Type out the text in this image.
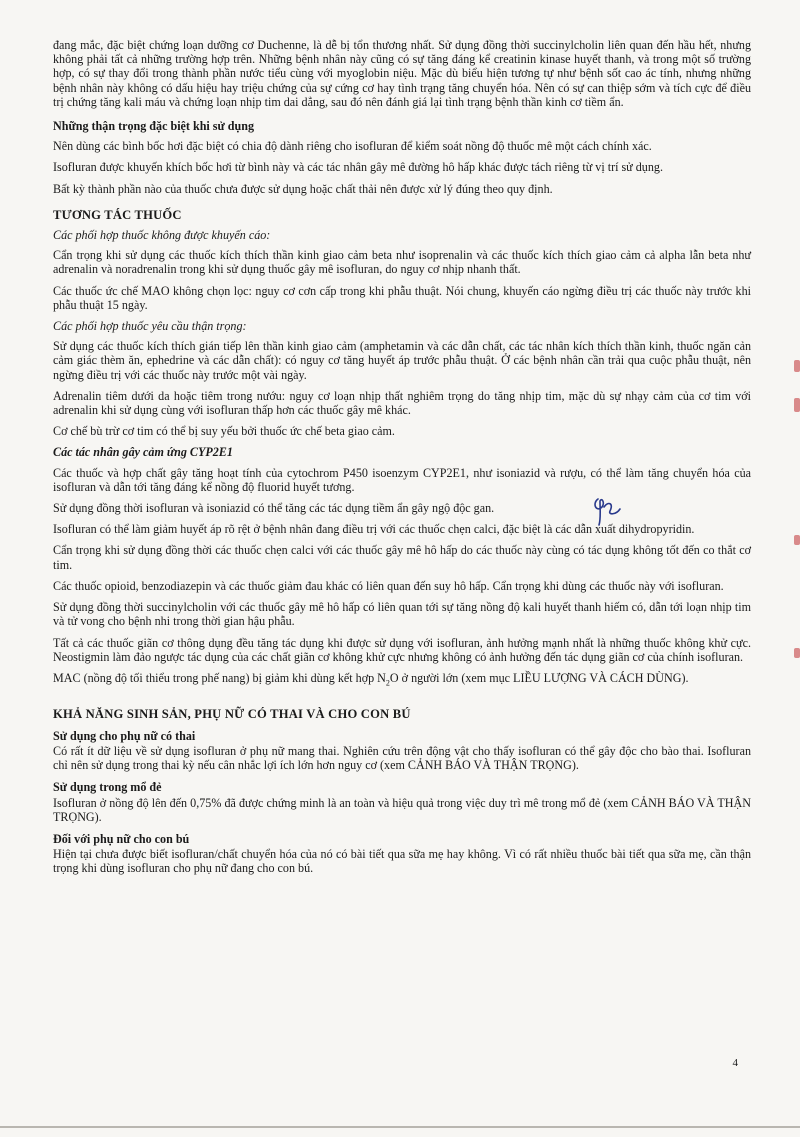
đang mắc, đặc biệt chứng loạn dưỡng cơ Duchenne, là dễ bị tổn thương nhất. Sử dụng đồng thời succinylcholin liên quan đến hầu hết, nhưng không phải tất cả những trường hợp trên. Những bệnh nhân này cũng có sự tăng đáng kể creatinin kinase huyết thanh, và trong một số trường hợp, có sự thay đổi trong thành phần nước tiểu cùng với myoglobin niệu. Mặc dù biểu hiện tương tự như bệnh sốt cao ác tính, nhưng những bệnh nhân này không có dấu hiệu hay triệu chứng của sự cứng cơ hay tình trạng tăng chuyển hóa. Nên có sự can thiệp sớm và tích cực để điều trị chứng tăng kali máu và chứng loạn nhịp tim dai dẳng, sau đó nên đánh giá lại tình trạng bệnh thần kinh cơ tiềm ẩn.

Những thận trọng đặc biệt khi sử dụng

Nên dùng các bình bốc hơi đặc biệt có chia độ dành riêng cho isofluran để kiểm soát nồng độ thuốc mê một cách chính xác.

Isofluran được khuyến khích bốc hơi từ bình này và các tác nhân gây mê đường hô hấp khác được tách riêng từ vị trí sử dụng.

Bất kỳ thành phần nào của thuốc chưa được sử dụng hoặc chất thải nên được xử lý đúng theo quy định.

TƯƠNG TÁC THUỐC
Các phối hợp thuốc không được khuyến cáo:

Cẩn trọng khi sử dụng các thuốc kích thích thần kinh giao cảm beta như isoprenalin và các thuốc kích thích giao cảm cả alpha lẫn beta như adrenalin và noradrenalin trong khi sử dụng thuốc gây mê isofluran, do nguy cơ nhịp nhanh thất.

Các thuốc ức chế MAO không chọn lọc: nguy cơ cơn cấp trong khi phẫu thuật. Nói chung, khuyến cáo ngừng điều trị các thuốc này trước khi phẫu thuật 15 ngày.

Các phối hợp thuốc yêu cầu thận trọng:

Sử dụng các thuốc kích thích gián tiếp lên thần kinh giao cảm (amphetamin và các dẫn chất, các tác nhân kích thích thần kinh, thuốc ngăn cản cảm giác thèm ăn, ephedrine và các dẫn chất): có nguy cơ tăng huyết áp trước phẫu thuật. Ở các bệnh nhân cần trải qua cuộc phẫu thuật, nên ngừng điều trị với các thuốc này trước một vài ngày.

Adrenalin tiêm dưới da hoặc tiêm trong nướu: nguy cơ loạn nhịp thất nghiêm trọng do tăng nhịp tim, mặc dù sự nhạy cảm của cơ tim với adrenalin khi sử dụng cùng với isofluran thấp hơn các thuốc gây mê khác.

Cơ chế bù trừ cơ tim có thể bị suy yếu bởi thuốc ức chế beta giao cảm.

Các tác nhân gây cảm ứng CYP2E1

Các thuốc và hợp chất gây tăng hoạt tính của cytochrom P450 isoenzym CYP2E1, như isoniazid và rượu, có thể làm tăng chuyển hóa của isofluran và dẫn tới tăng đáng kể nồng độ fluorid huyết tương.

Sử dụng đồng thời isofluran và isoniazid có thể tăng các tác dụng tiềm ẩn gây ngộ độc gan.

Isofluran có thể làm giảm huyết áp rõ rệt ở bệnh nhân đang điều trị với các thuốc chẹn calci, đặc biệt là các dẫn xuất dihydropyridin.

Cẩn trọng khi sử dụng đồng thời các thuốc chẹn calci với các thuốc gây mê hô hấp do các thuốc này cùng có tác dụng không tốt đến co thắt cơ tim.

Các thuốc opioid, benzodiazepin và các thuốc giảm đau khác có liên quan đến suy hô hấp. Cẩn trọng khi dùng các thuốc này với isofluran.

Sử dụng đồng thời succinylcholin với các thuốc gây mê hô hấp có liên quan tới sự tăng nồng độ kali huyết thanh hiếm có, dẫn tới loạn nhịp tim và tử vong cho bệnh nhi trong thời gian hậu phẫu.

Tất cả các thuốc giãn cơ thông dụng đều tăng tác dụng khi được sử dụng với isofluran, ảnh hưởng mạnh nhất là những thuốc không khử cực. Neostigmin làm đảo ngược tác dụng của các chất giãn cơ không khử cực nhưng không có ảnh hưởng đến tác dụng giãn cơ của chính isofluran.

MAC (nồng độ tối thiểu trong phế nang) bị giảm khi dùng kết hợp $N_2O$ ở người lớn (xem mục LIỀU LƯỢNG VÀ CÁCH DÙNG).

KHẢ NĂNG SINH SẢN, PHỤ NỮ CÓ THAI VÀ CHO CON BÚ
Sử dụng cho phụ nữ có thai

Có rất ít dữ liệu về sử dụng isofluran ở phụ nữ mang thai. Nghiên cứu trên động vật cho thấy isofluran có thể gây độc cho bào thai. Isofluran chỉ nên sử dụng trong thai kỳ nếu cân nhắc lợi ích lớn hơn nguy cơ (xem CẢNH BÁO VÀ THẬN TRỌNG).

Sử dụng trong mổ đẻ

Isofluran ở nồng độ lên đến 0,75% đã được chứng minh là an toàn và hiệu quả trong việc duy trì mê trong mổ đẻ (xem CẢNH BÁO VÀ THẬN TRỌNG).

Đối với phụ nữ cho con bú

Hiện tại chưa được biết isofluran/chất chuyển hóa của nó có bài tiết qua sữa mẹ hay không. Vì có rất nhiều thuốc bài tiết qua sữa mẹ, cần thận trọng khi dùng isofluran cho phụ nữ đang cho con bú.

4
